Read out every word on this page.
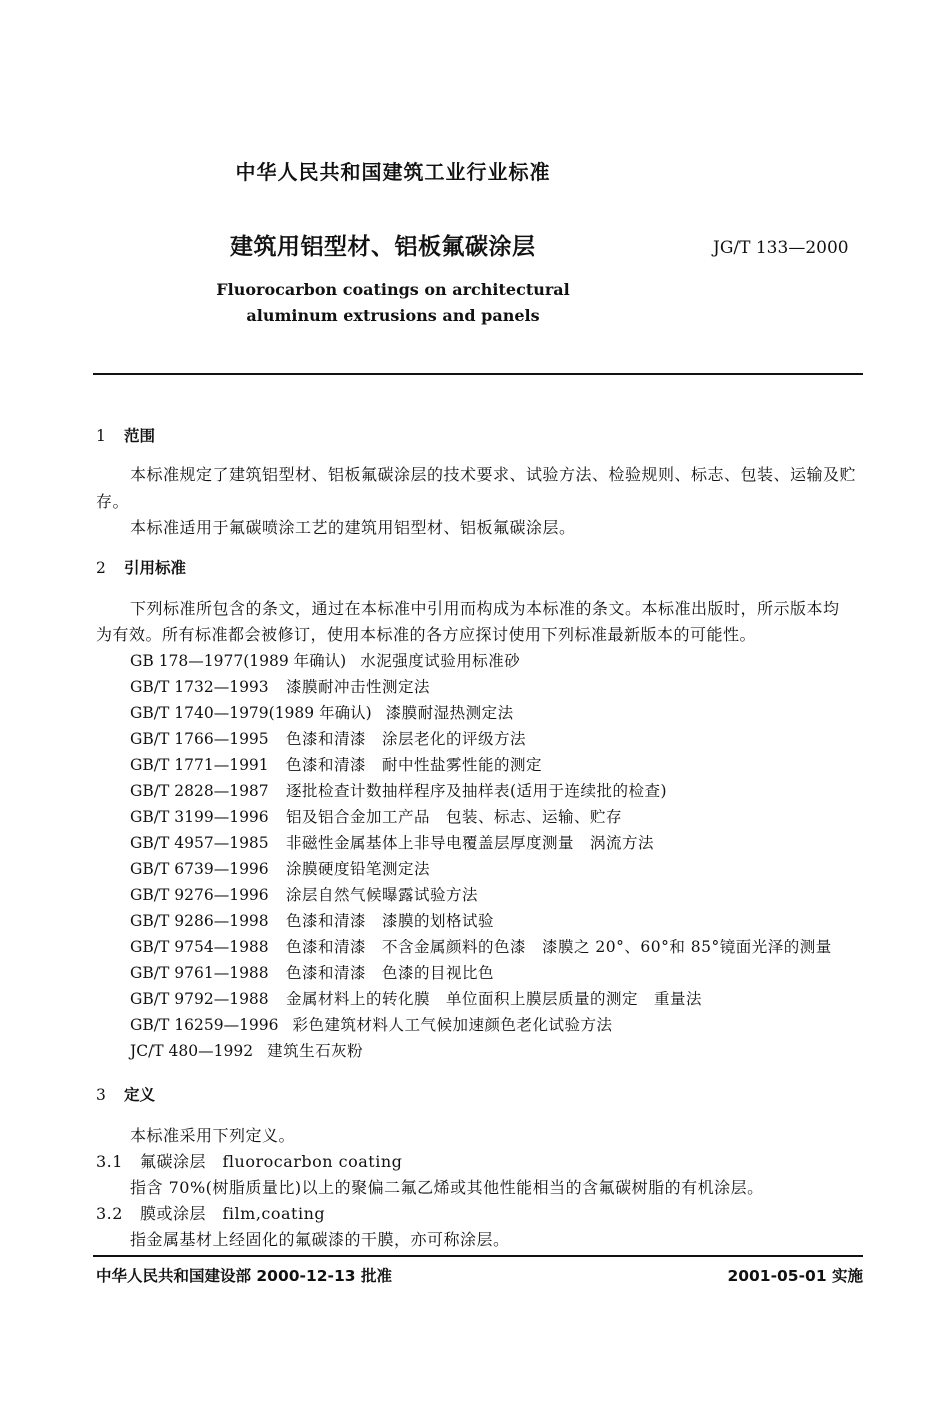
中华人民共和国建筑工业行业标准
建筑用铝型材、铝板氟碳涂层	JG/T 133—2000
Fluorocarbon coatings on architectural
aluminum extrusions and panels
1 范围
本标准规定了建筑铝型材、铝板氟碳涂层的技术要求、试验方法、检验规则、标志、包装、运输及贮
存。
本标准适用于氟碳喷涂工艺的建筑用铝型材、铝板氟碳涂层。
2 引用标准
下列标准所包含的条文，通过在本标准中引用而构成为本标准的条文。本标准出版时，所示版本均
为有效。所有标准都会被修订，使用本标准的各方应探讨使用下列标准最新版本的可能性。
GB 178—1977(1989 年确认) 水泥强度试验用标准砂
GB/T 1732—1993 漆膜耐冲击性测定法
GB/T 1740—1979(1989 年确认) 漆膜耐湿热测定法
GB/T 1766—1995 色漆和清漆　涂层老化的评级方法
GB/T 1771—1991 色漆和清漆　耐中性盐雾性能的测定
GB/T 2828—1987 逐批检查计数抽样程序及抽样表(适用于连续批的检查)
GB/T 3199—1996 铝及铝合金加工产品　包装、标志、运输、贮存
GB/T 4957—1985 非磁性金属基体上非导电覆盖层厚度测量　涡流方法
GB/T 6739—1996 涂膜硬度铅笔测定法
GB/T 9276—1996 涂层自然气候曝露试验方法
GB/T 9286—1998 色漆和清漆　漆膜的划格试验
GB/T 9754—1988 色漆和清漆　不含金属颜料的色漆　漆膜之 20°、60°和 85°镜面光泽的测量
GB/T 9761—1988 色漆和清漆　色漆的目视比色
GB/T 9792—1988 金属材料上的转化膜　单位面积上膜层质量的测定　重量法
GB/T 16259—1996 彩色建筑材料人工气候加速颜色老化试验方法
JC/T 480—1992 建筑生石灰粉
3 定义
本标准采用下列定义。
3.1 氟碳涂层　fluorocarbon coating
指含 70%(树脂质量比)以上的聚偏二氟乙烯或其他性能相当的含氟碳树脂的有机涂层。
3.2 膜或涂层　film,coating
指金属基材上经固化的氟碳漆的干膜，亦可称涂层。
中华人民共和国建设部 2000-12-13 批准	2001-05-01 实施
